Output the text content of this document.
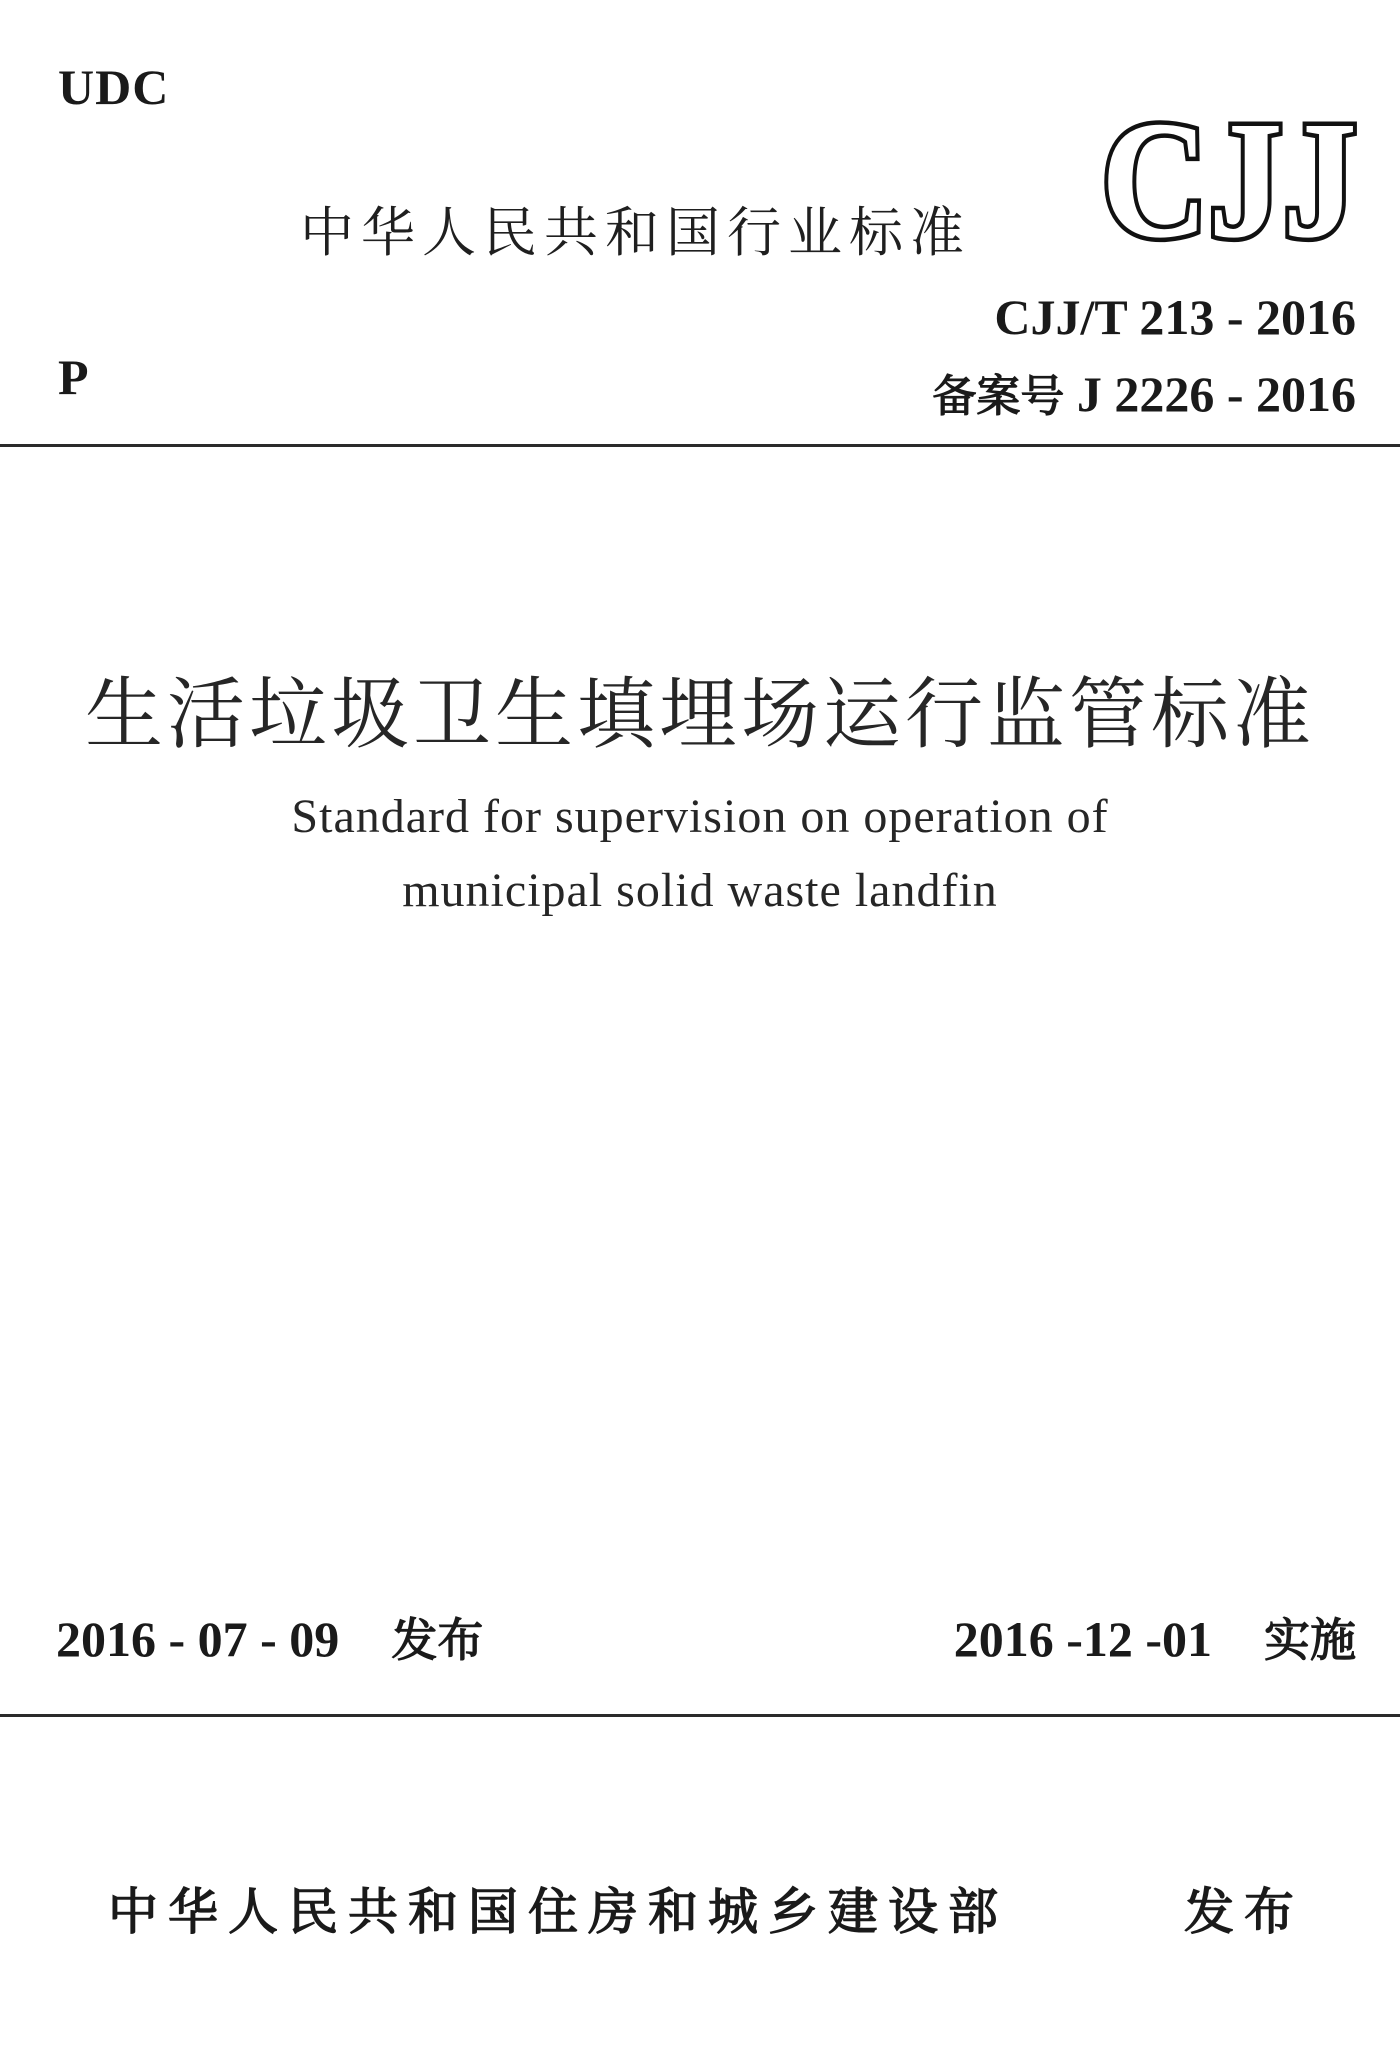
UDC
中华人民共和国行业标准 CJJ
CJJ/T 213 - 2016
备案号 J 2226 - 2016
P
生活垃圾卫生填埋场运行监管标准
Standard for supervision on operation of
municipal solid waste landfin
2016 - 07 - 09 发布	2016 -12 -01 实施
中华人民共和国住房和城乡建设部	发布
